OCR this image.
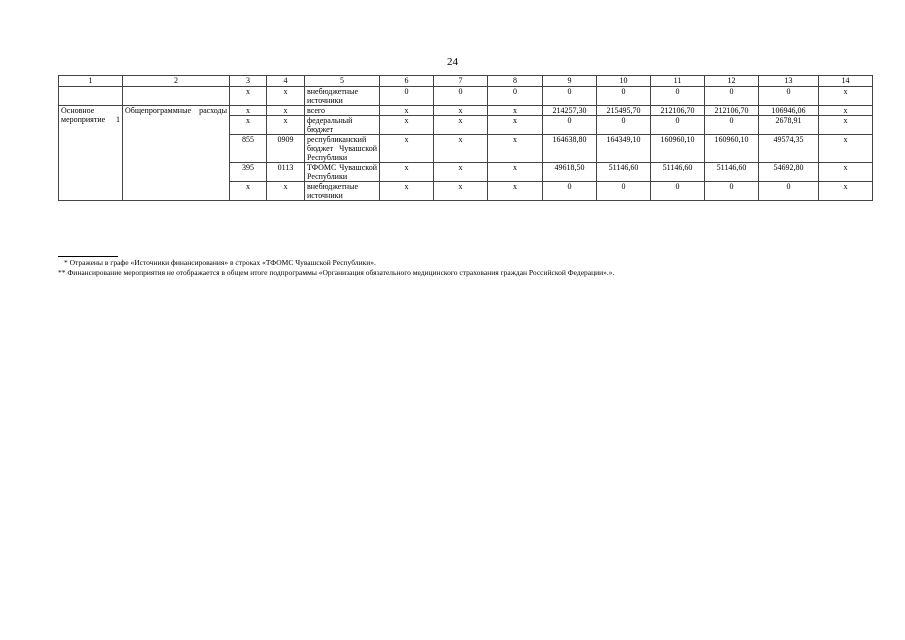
24
1	2	3	4	5	6	7	8	9	10	11	12	13	14
		x	x	внебюджетные источники	0	0	0	0	0	0	0	0	x
Основное мероприятие 1	Общепрограммные расходы	x	x	всего	x	x	x	214257,30	215495,70	212106,70	212106,70	106946,06	x
		x	x	федеральный бюджет	x	x	x	0	0	0	0	2678,91	x
		855	0909	республиканский бюджет Чувашской Республики	x	x	x	164638,80	164349,10	160960,10	160960,10	49574,35	x
		395	0113	ТФОМС Чувашской Республики	x	x	x	49618,50	51146,60	51146,60	51146,60	54692,80	x
		x	x	внебюджетные источники	x	x	x	0	0	0	0	0	x
* Отражены в графе «Источники финансирования» в строках «ТФОМС Чувашской Республики».
** Финансирование мероприятия не отображается в общем итоге подпрограммы «Организация обязательного медицинского страхования граждан Российской Федерации».».
